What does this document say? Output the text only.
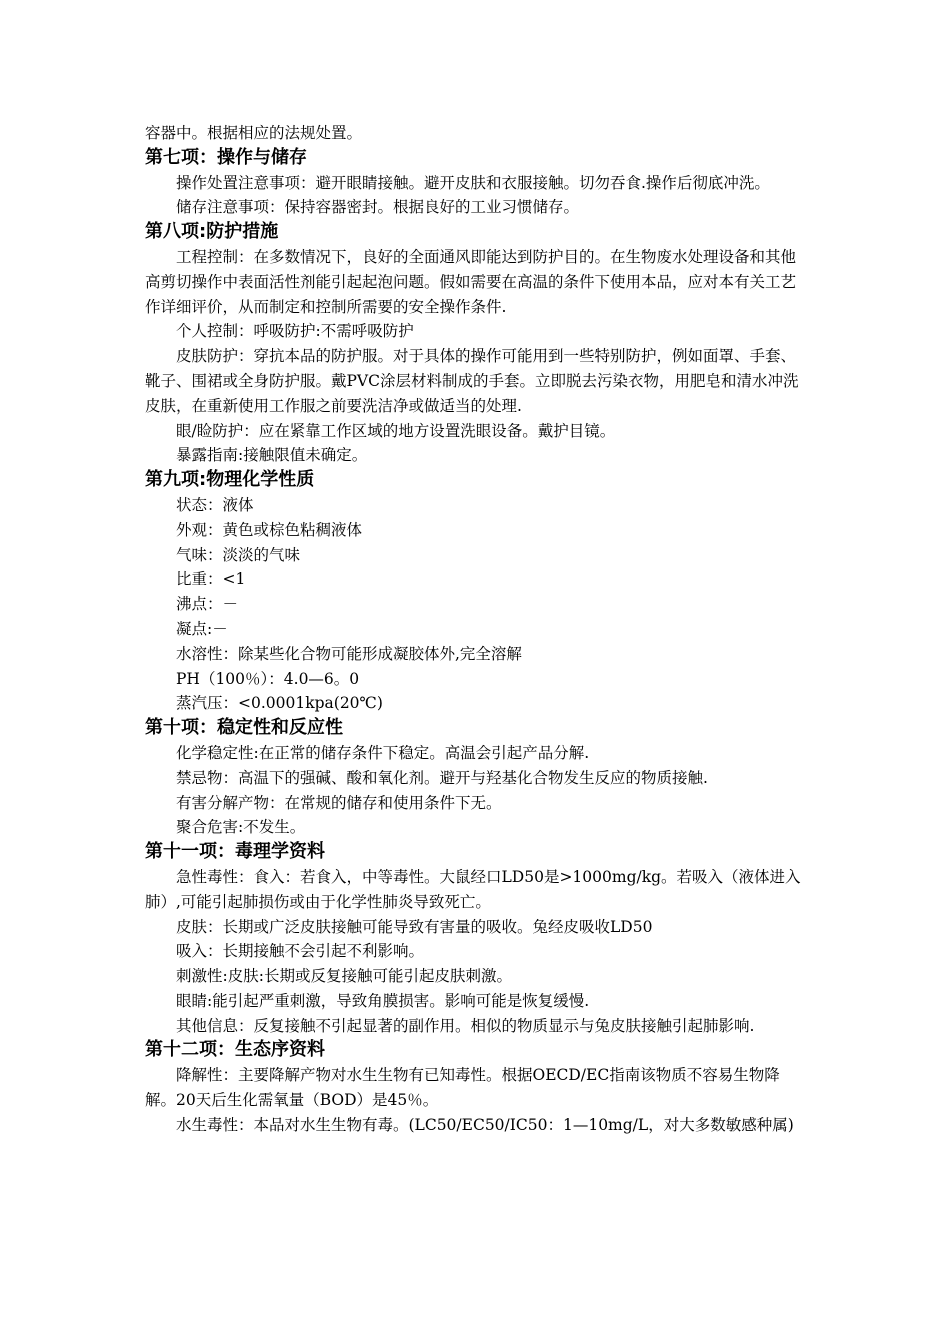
容器中。根据相应的法规处置。

第七项：操作与储存

操作处置注意事项：避开眼睛接触。避开皮肤和衣服接触。切勿吞食.操作后彻底冲洗。

储存注意事项：保持容器密封。根据良好的工业习惯储存。

第八项:防护措施

工程控制：在多数情况下，良好的全面通风即能达到防护目的。在生物废水处理设备和其他高剪切操作中表面活性剂能引起起泡问题。假如需要在高温的条件下使用本品，应对本有关工艺作详细评价，从而制定和控制所需要的安全操作条件.

个人控制：呼吸防护:不需呼吸防护

皮肤防护：穿抗本品的防护服。对于具体的操作可能用到一些特别防护，例如面罩、手套、靴子、围裙或全身防护服。戴PVC涂层材料制成的手套。立即脱去污染衣物，用肥皂和清水冲洗皮肤，在重新使用工作服之前要洗洁净或做适当的处理.

眼/睑防护：应在紧靠工作区域的地方设置洗眼设备。戴护目镜。

暴露指南:接触限值未确定。

第九项:物理化学性质

状态：液体

外观：黄色或棕色粘稠液体

气味：淡淡的气味

比重：<1

沸点：－

凝点:－

水溶性：除某些化合物可能形成凝胶体外,完全溶解

PH（100％）：4.0—6。0

蒸汽压：<0.0001kpa(20℃)

第十项：稳定性和反应性

化学稳定性:在正常的储存条件下稳定。高温会引起产品分解.

禁忌物：高温下的强碱、酸和氧化剂。避开与羟基化合物发生反应的物质接触.

有害分解产物：在常规的储存和使用条件下无。

聚合危害:不发生。

第十一项：毒理学资料

急性毒性：食入：若食入，中等毒性。大鼠经口LD50是>1000mg/kg。若吸入（液体进入肺）,可能引起肺损伤或由于化学性肺炎导致死亡。

皮肤：长期或广泛皮肤接触可能导致有害量的吸收。兔经皮吸收LD50

吸入：长期接触不会引起不利影响。

刺激性:皮肤:长期或反复接触可能引起皮肤刺激。

眼睛:能引起严重刺激，导致角膜损害。影响可能是恢复缓慢.

其他信息：反复接触不引起显著的副作用。相似的物质显示与兔皮肤接触引起肺影响.

第十二项：生态序资料

降解性：主要降解产物对水生生物有已知毒性。根据OECD/EC指南该物质不容易生物降解。20天后生化需氧量（BOD）是45％。

水生毒性：本品对水生生物有毒。(LC50/EC50/IC50：1—10mg/L，对大多数敏感种属)
